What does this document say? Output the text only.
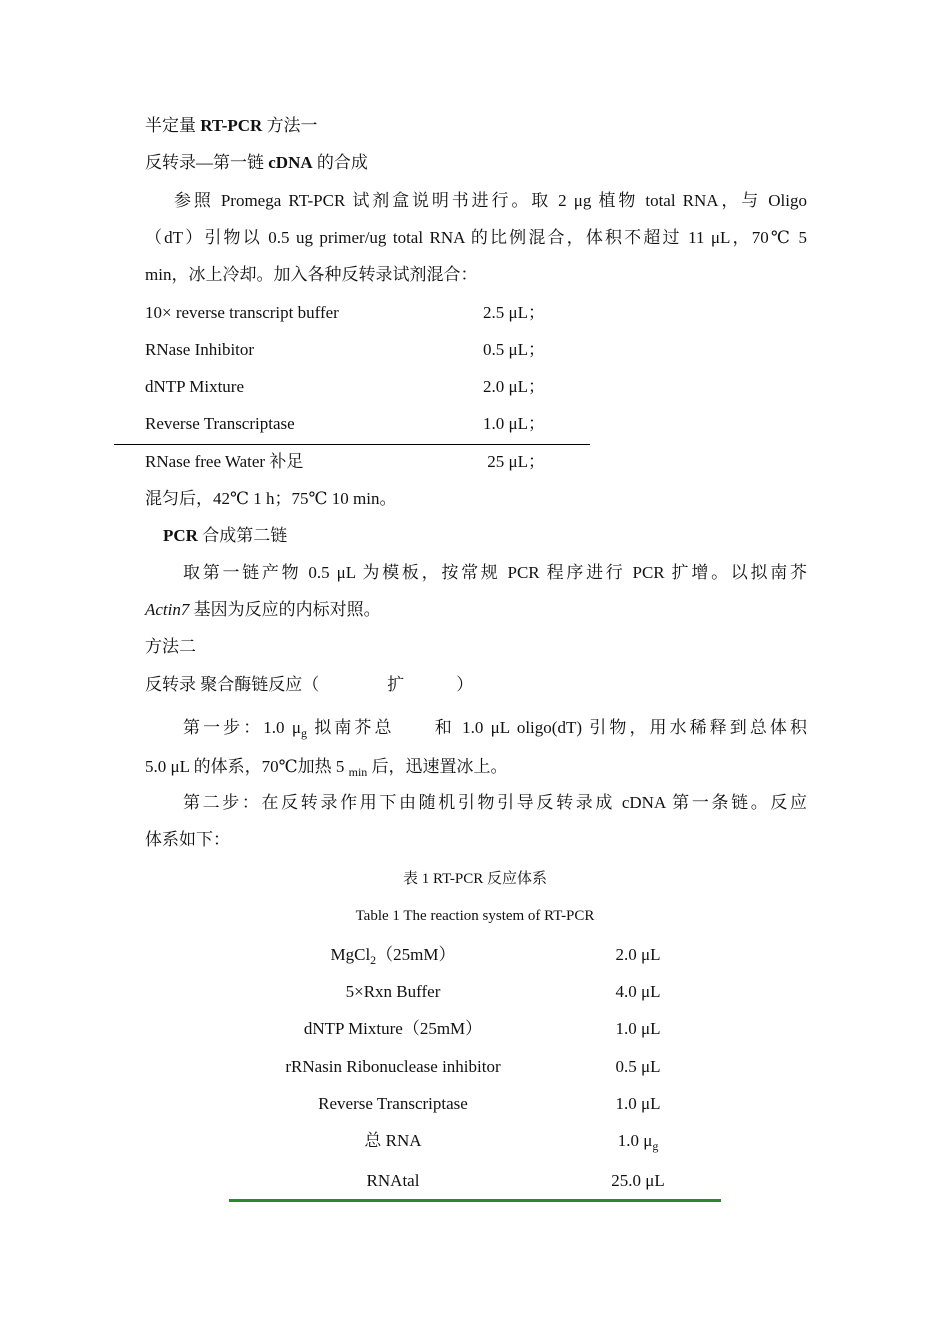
半定量 RT-PCR 方法一
反转录—第一链 cDNA 的合成
参照 Promega RT-PCR 试剂盒说明书进行。取 2 μg 植物 total RNA，与 Oligo
（dT）引物以 0.5 ug primer/ug total RNA 的比例混合，体积不超过 11 μL，70℃ 5
min，冰上冷却。加入各种反转录试剂混合：
10× reverse transcript buffer	2.5 μL；
RNase Inhibitor	0.5 μL；
dNTP Mixture	2.0 μL；
Reverse Transcriptase	1.0 μL；
RNase free Water 补足	25 μL；
混匀后，42℃ 1 h；75℃ 10 min。
PCR 合成第二链
取第一链产物 0.5 μL 为模板，按常规 PCR 程序进行 PCR 扩增。以拟南芥
Actin7 基因为反应的内标对照。
方法二
反转录 聚合酶链反应（	扩	）
第一步：1.0 $\mu_g$ 拟南芥总　　和 1.0 μL oligo(dT) 引物，用水稀释到总体积
5.0 μL 的体系，70℃加热 5 $_{min}$ 后，迅速置冰上。
第二步：在反转录作用下由随机引物引导反转录成 cDNA 第一条链。反应
体系如下：
表 1 RT-PCR 反应体系
Table 1 The reaction system of RT-PCR
MgCl$_2$（25mM）	2.0 μL
5×Rxn Buffer	4.0 μL
dNTP Mixture（25mM）	1.0 μL
rRNasin Ribonuclease inhibitor	0.5 μL
Reverse Transcriptase	1.0 μL
总 RNA	1.0 $\mu_g$
RNAtal	25.0 μL
